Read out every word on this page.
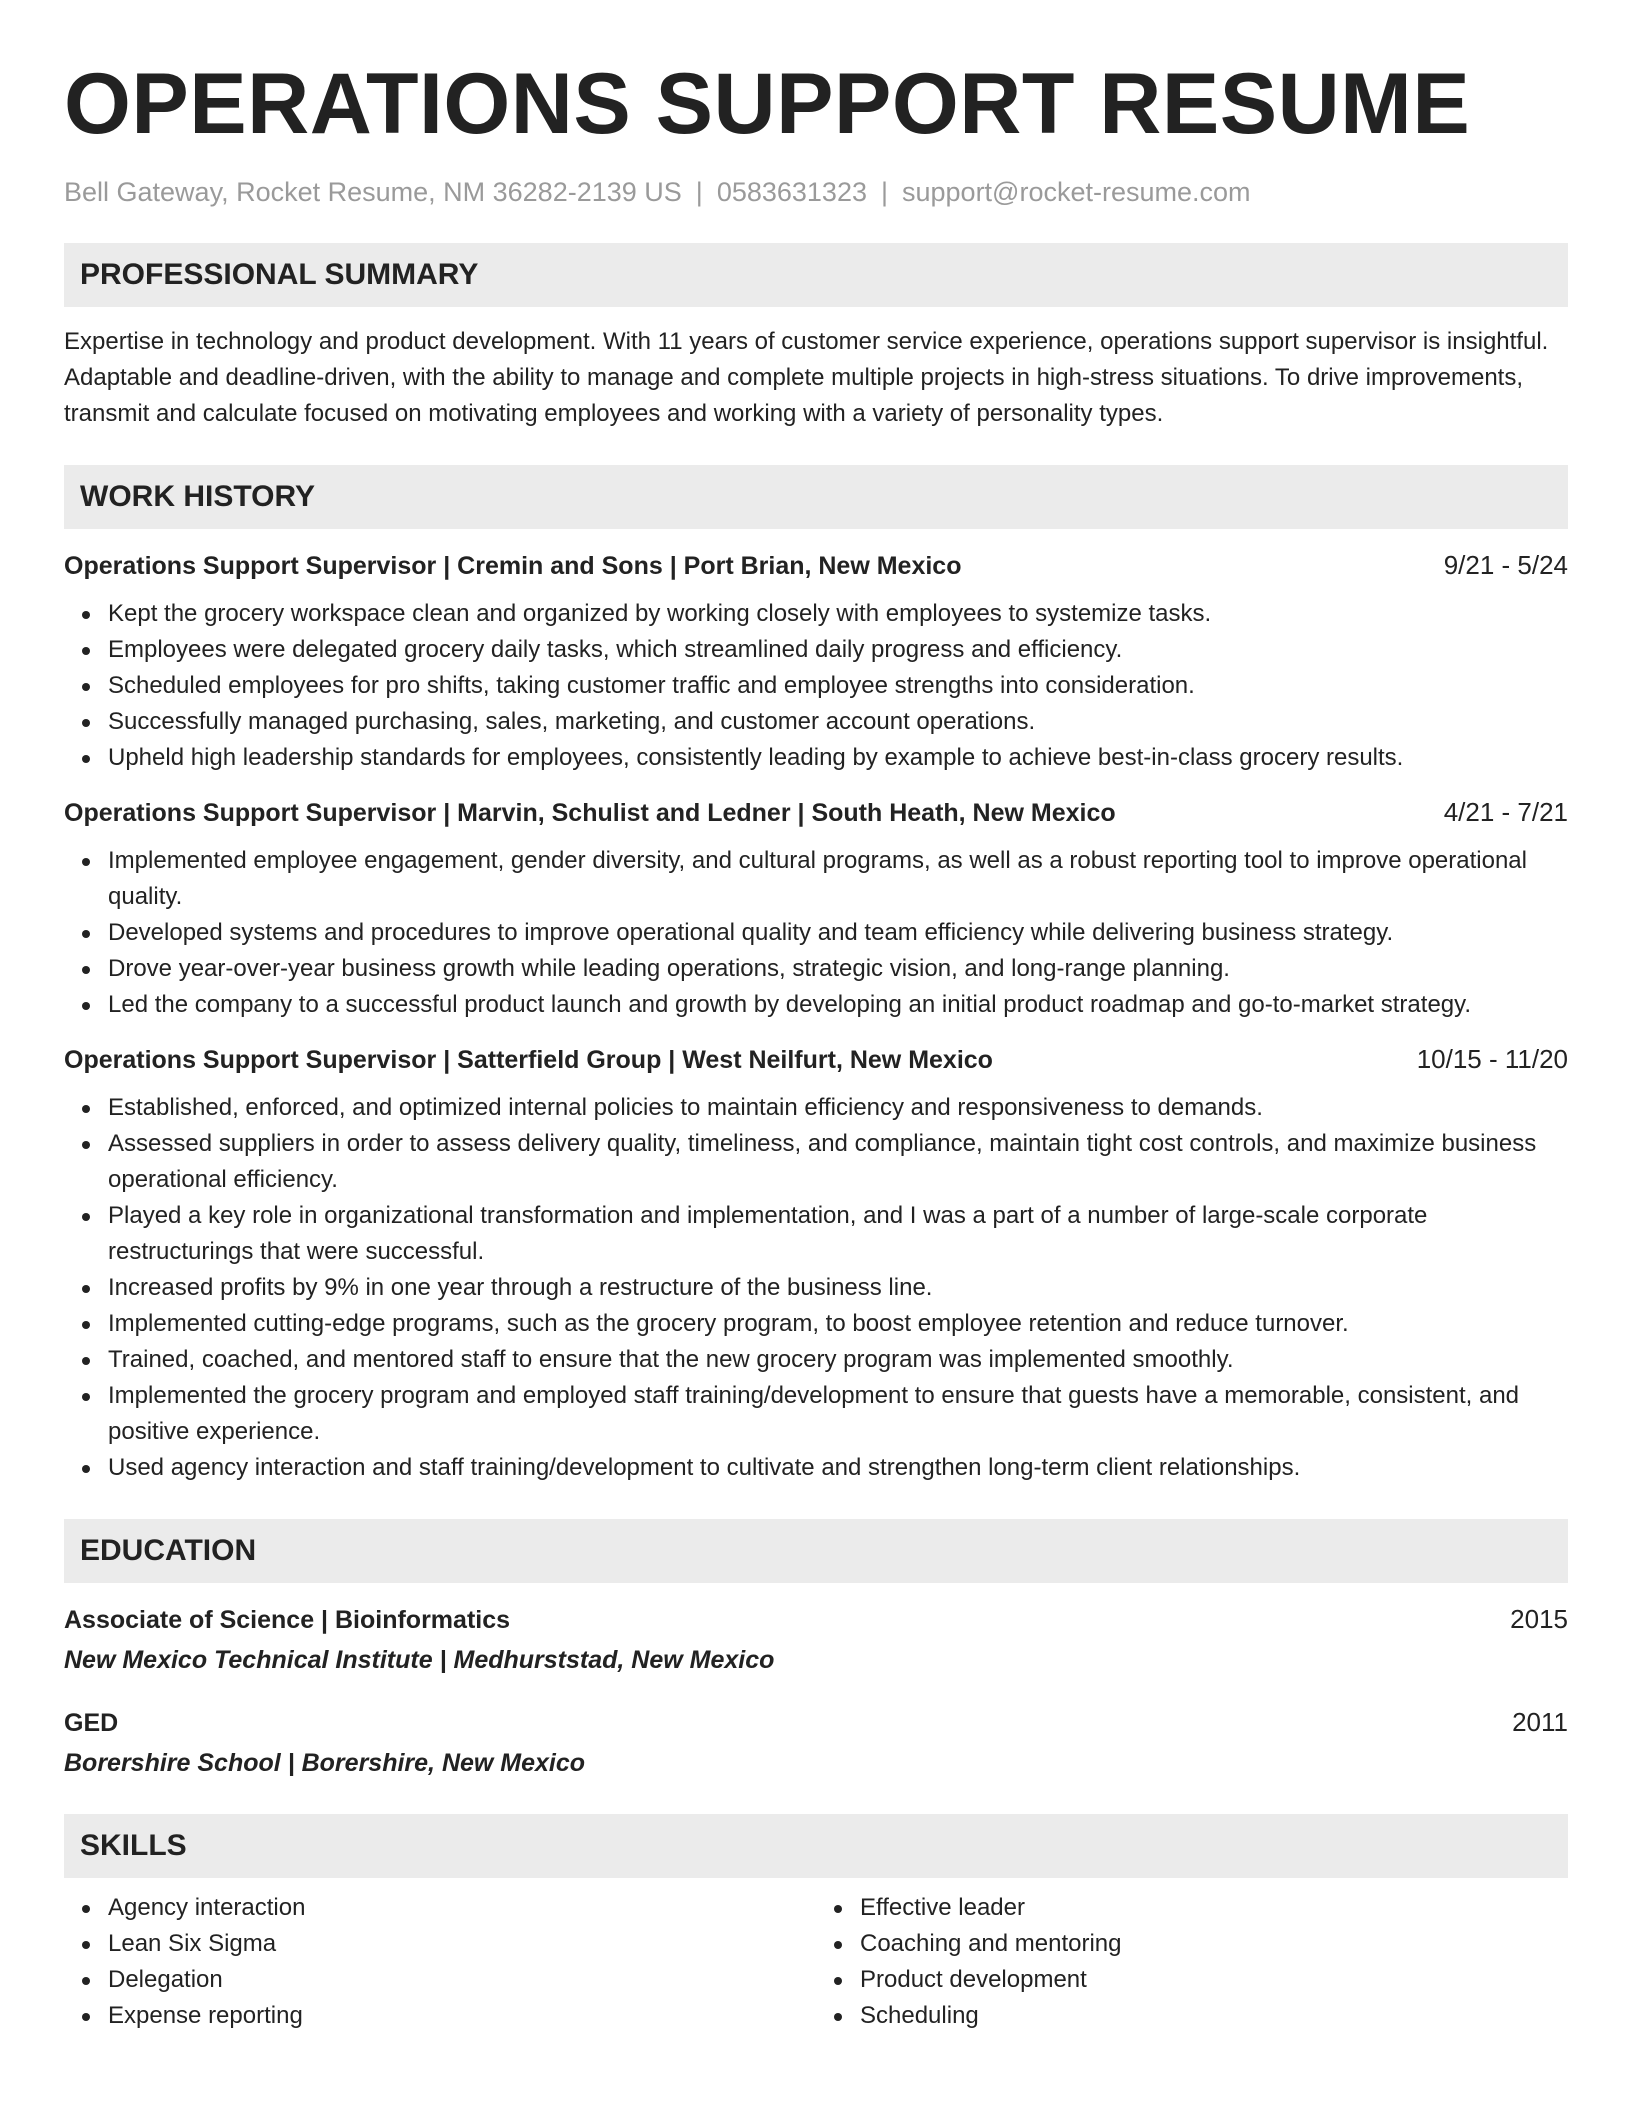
OPERATIONS SUPPORT RESUME
Bell Gateway, Rocket Resume, NM 36282-2139 US | 0583631323 | support@rocket-resume.com
PROFESSIONAL SUMMARY
Expertise in technology and product development. With 11 years of customer service experience, operations support supervisor is insightful. Adaptable and deadline-driven, with the ability to manage and complete multiple projects in high-stress situations. To drive improvements, transmit and calculate focused on motivating employees and working with a variety of personality types.
WORK HISTORY
Operations Support Supervisor | Cremin and Sons | Port Brian, New Mexico	9/21 - 5/24
Kept the grocery workspace clean and organized by working closely with employees to systemize tasks.
Employees were delegated grocery daily tasks, which streamlined daily progress and efficiency.
Scheduled employees for pro shifts, taking customer traffic and employee strengths into consideration.
Successfully managed purchasing, sales, marketing, and customer account operations.
Upheld high leadership standards for employees, consistently leading by example to achieve best-in-class grocery results.
Operations Support Supervisor | Marvin, Schulist and Ledner | South Heath, New Mexico	4/21 - 7/21
Implemented employee engagement, gender diversity, and cultural programs, as well as a robust reporting tool to improve operational quality.
Developed systems and procedures to improve operational quality and team efficiency while delivering business strategy.
Drove year-over-year business growth while leading operations, strategic vision, and long-range planning.
Led the company to a successful product launch and growth by developing an initial product roadmap and go-to-market strategy.
Operations Support Supervisor | Satterfield Group | West Neilfurt, New Mexico	10/15 - 11/20
Established, enforced, and optimized internal policies to maintain efficiency and responsiveness to demands.
Assessed suppliers in order to assess delivery quality, timeliness, and compliance, maintain tight cost controls, and maximize business operational efficiency.
Played a key role in organizational transformation and implementation, and I was a part of a number of large-scale corporate restructurings that were successful.
Increased profits by 9% in one year through a restructure of the business line.
Implemented cutting-edge programs, such as the grocery program, to boost employee retention and reduce turnover.
Trained, coached, and mentored staff to ensure that the new grocery program was implemented smoothly.
Implemented the grocery program and employed staff training/development to ensure that guests have a memorable, consistent, and positive experience.
Used agency interaction and staff training/development to cultivate and strengthen long-term client relationships.
EDUCATION
Associate of Science | Bioinformatics	2015
New Mexico Technical Institute | Medhurststad, New Mexico
GED	2011
Borershire School | Borershire, New Mexico
SKILLS
Agency interaction
Lean Six Sigma
Delegation
Expense reporting
Effective leader
Coaching and mentoring
Product development
Scheduling
